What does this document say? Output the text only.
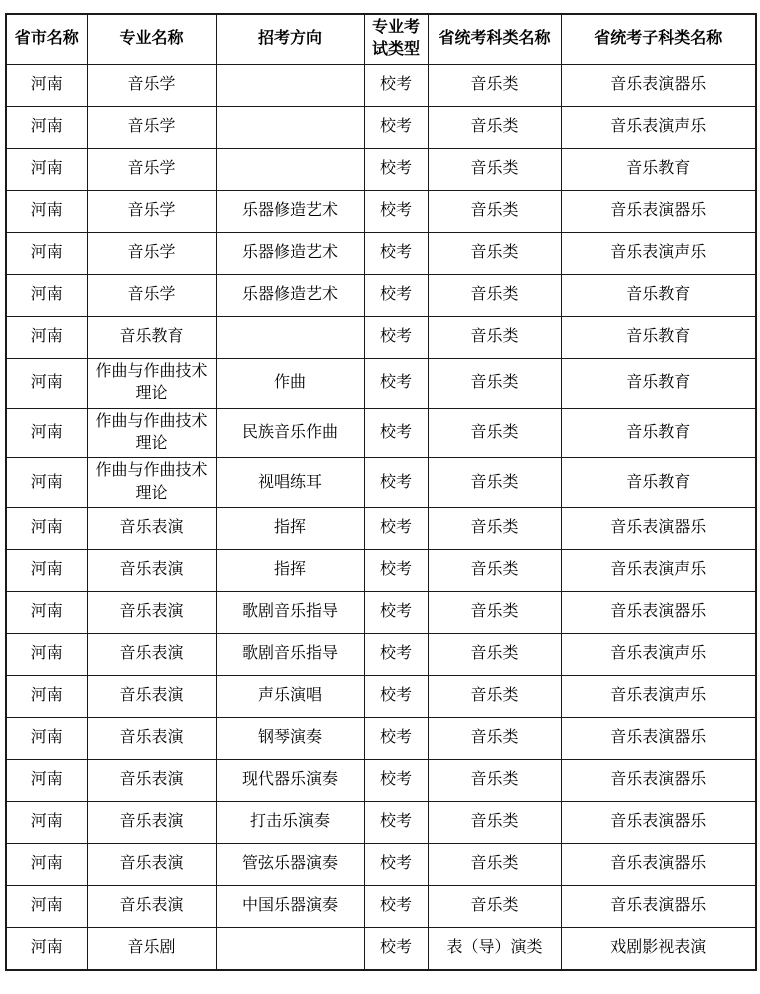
省市名称	专业名称	招考方向	专业考试类型	省统考科类名称	省统考子科类名称
河南	音乐学		校考	音乐类	音乐表演器乐
河南	音乐学		校考	音乐类	音乐表演声乐
河南	音乐学		校考	音乐类	音乐教育
河南	音乐学	乐器修造艺术	校考	音乐类	音乐表演器乐
河南	音乐学	乐器修造艺术	校考	音乐类	音乐表演声乐
河南	音乐学	乐器修造艺术	校考	音乐类	音乐教育
河南	音乐教育		校考	音乐类	音乐教育
河南	作曲与作曲技术理论	作曲	校考	音乐类	音乐教育
河南	作曲与作曲技术理论	民族音乐作曲	校考	音乐类	音乐教育
河南	作曲与作曲技术理论	视唱练耳	校考	音乐类	音乐教育
河南	音乐表演	指挥	校考	音乐类	音乐表演器乐
河南	音乐表演	指挥	校考	音乐类	音乐表演声乐
河南	音乐表演	歌剧音乐指导	校考	音乐类	音乐表演器乐
河南	音乐表演	歌剧音乐指导	校考	音乐类	音乐表演声乐
河南	音乐表演	声乐演唱	校考	音乐类	音乐表演声乐
河南	音乐表演	钢琴演奏	校考	音乐类	音乐表演器乐
河南	音乐表演	现代器乐演奏	校考	音乐类	音乐表演器乐
河南	音乐表演	打击乐演奏	校考	音乐类	音乐表演器乐
河南	音乐表演	管弦乐器演奏	校考	音乐类	音乐表演器乐
河南	音乐表演	中国乐器演奏	校考	音乐类	音乐表演器乐
河南	音乐剧		校考	表（导）演类	戏剧影视表演
